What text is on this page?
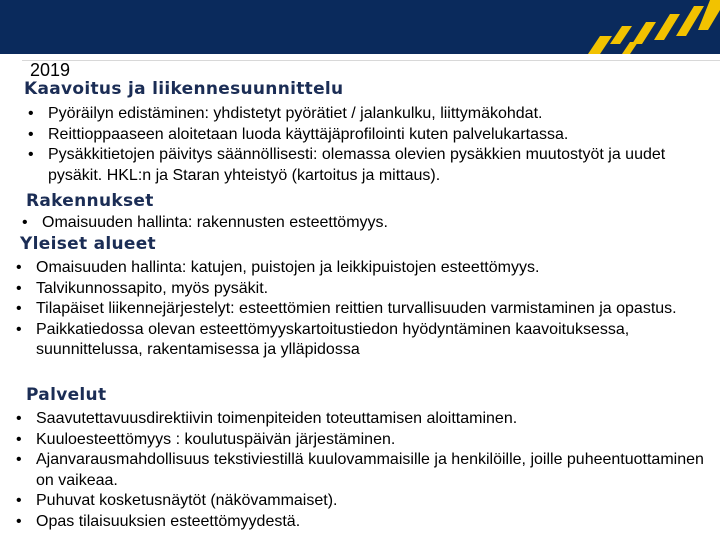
2019
Kaavoitus ja liikennesuunnittelu
• Pyöräilyn edistäminen: yhdistetyt pyörätiet / jalankulku, liittymäkohdat.
• Reittioppaaseen aloitetaan luoda käyttäjäprofilointi kuten palvelukartassa.
• Pysäkkitietojen päivitys säännöllisesti: olemassa olevien pysäkkien muutostyöt ja uudet pysäkit. HKL:n ja Staran yhteistyö (kartoitus ja mittaus).
Rakennukset
• Omaisuuden hallinta: rakennusten esteettömyys.
Yleiset alueet
• Omaisuuden hallinta: katujen, puistojen ja leikkipuistojen esteettömyys.
• Talvikunnossapito, myös pysäkit.
• Tilapäiset liikennejärjestelyt: esteettömien reittien turvallisuuden varmistaminen ja opastus.
• Paikkatiedossa olevan esteettömyyskartoitustiedon hyödyntäminen kaavoituksessa, suunnittelussa, rakentamisessa ja ylläpidossa
Palvelut
• Saavutettavuusdirektiivin toimenpiteiden toteuttamisen aloittaminen.
• Kuuloesteettömyys : koulutuspäivän järjestäminen.
• Ajanvarausmahdollisuus tekstiviestillä kuulovammaisille ja henkilöille, joille puheentuottaminen on vaikeaa.
• Puhuvat kosketusnäytöt (näkövammaiset).
• Opas tilaisuuksien esteettömyydestä.
